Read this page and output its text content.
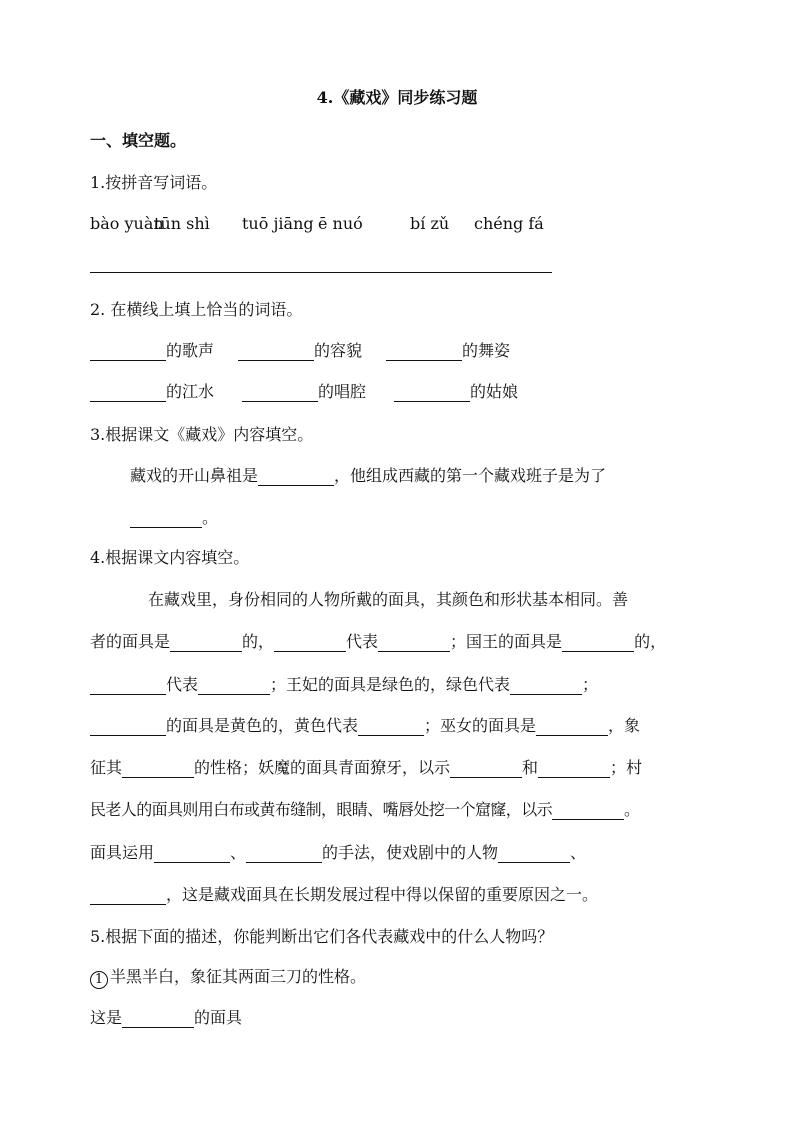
4.《藏戏》同步练习题
一、填空题。
1.按拼音写词语。
bào yuàntūn shì tuō jiāng ē nuó	bí zǔ chéng fá
2. 在横线上填上恰当的词语。
的歌声	的容貌	的舞姿
的江水	的唱腔	的姑娘
3.根据课文《藏戏》内容填空。
藏戏的开山鼻祖是	，他组成西藏的第一个藏戏班子是为了
。
4.根据课文内容填空。
在藏戏里，身份相同的人物所戴的面具，其颜色和形状基本相同。善
者的面具是	的，	代表	；国王的面具是	的，
代表	；王妃的面具是绿色的，绿色代表	；
的面具是黄色的，黄色代表	；巫女的面具是	，象
征其	的性格；妖魔的面具青面獠牙，以示	和	；村
民老人的面具则用白布或黄布缝制，眼睛、嘴唇处挖一个窟窿，以示	。
面具运用	、	的手法，使戏剧中的人物	、
，这是藏戏面具在长期发展过程中得以保留的重要原因之一。
5.根据下面的描述，你能判断出它们各代表藏戏中的什么人物吗？
1 半黑半白，象征其两面三刀的性格。
这是	的面具
